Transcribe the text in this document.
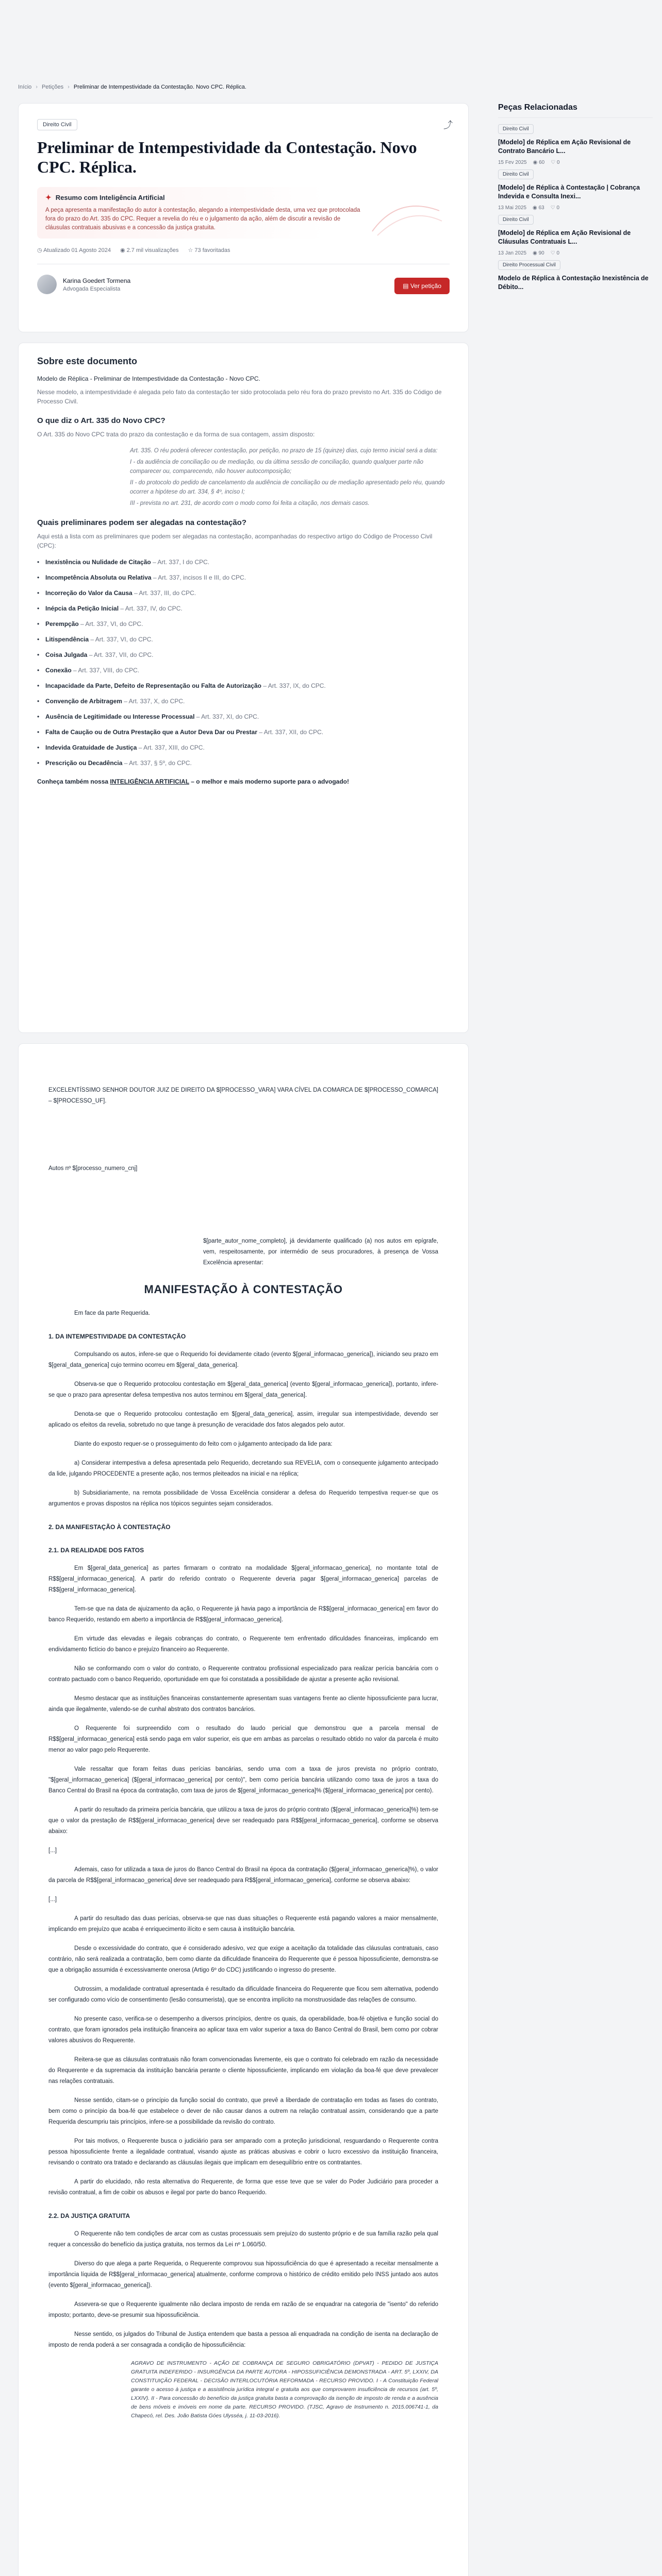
Início › Petições › Preliminar de Intempestividade da Contestação. Novo CPC. Réplica.
Direito Civil	⤴
Preliminar de Intempestividade da Contestação. Novo CPC. Réplica.
✦ Resumo com Inteligência Artificial

A peça apresenta a manifestação do autor à contestação, alegando a intempestividade desta, uma vez que protocolada fora do prazo do Art. 335 do CPC. Requer a revelia do réu e o julgamento da ação, além de discutir a revisão de cláusulas contratuais abusivas e a concessão da justiça gratuita.

◷ Atualizado 01 Agosto 2024 ◉ 2.7 mil visualizações ☆ 73 favoritadas
Karina Goedert Tormena
Advogada Especialista	▤ Ver petição
Peças Relacionadas
Direito Civil
[Modelo] de Réplica em Ação Revisional de Contrato Bancário L...
15 Fev 2025 ◉ 60 ♡ 0
Direito Civil
[Modelo] de Réplica à Contestação | Cobrança Indevida e Consulta Inexi...
13 Mai 2025 ◉ 63 ♡ 0
Direito Civil
[Modelo] de Réplica em Ação Revisional de Cláusulas Contratuais L...
13 Jan 2025 ◉ 90 ♡ 0
Direito Processual Civil
Modelo de Réplica à Contestação Inexistência de Débito...
Sobre este documento

Modelo de Réplica - Preliminar de Intempestividade da Contestação - Novo CPC.

Nesse modelo, a intempestividade é alegada pelo fato da contestação ter sido protocolada pelo réu fora do prazo previsto no Art. 335 do Código de Processo Civil.

O que diz o Art. 335 do Novo CPC?

O Art. 335 do Novo CPC trata do prazo da contestação e da forma de sua contagem, assim disposto:

Art. 335. O réu poderá oferecer contestação, por petição, no prazo de 15 (quinze) dias, cujo termo inicial será a data:

I - da audiência de conciliação ou de mediação, ou da última sessão de conciliação, quando qualquer parte não comparecer ou, comparecendo, não houver autocomposição;

II - do protocolo do pedido de cancelamento da audiência de conciliação ou de mediação apresentado pelo réu, quando ocorrer a hipótese do art. 334, § 4º, inciso I;

III - prevista no art. 231, de acordo com o modo como foi feita a citação, nos demais casos.

Quais preliminares podem ser alegadas na contestação?

Aqui está a lista com as preliminares que podem ser alegadas na contestação, acompanhadas do respectivo artigo do Código de Processo Civil (CPC):

• Inexistência ou Nulidade de Citação – Art. 337, I do CPC.
• Incompetência Absoluta ou Relativa – Art. 337, incisos II e III, do CPC.
• Incorreção do Valor da Causa – Art. 337, III, do CPC.
• Inépcia da Petição Inicial – Art. 337, IV, do CPC.
• Perempção – Art. 337, VI, do CPC.
• Litispendência – Art. 337, VI, do CPC.
• Coisa Julgada – Art. 337, VII, do CPC.
• Conexão – Art. 337, VIII, do CPC.
• Incapacidade da Parte, Defeito de Representação ou Falta de Autorização – Art. 337, IX, do CPC.
• Convenção de Arbitragem – Art. 337, X, do CPC.
• Ausência de Legitimidade ou Interesse Processual – Art. 337, XI, do CPC.
• Falta de Caução ou de Outra Prestação que a Autor Deva Dar ou Prestar – Art. 337, XII, do CPC.
• Indevida Gratuidade de Justiça – Art. 337, XIII, do CPC.
• Prescrição ou Decadência – Art. 337, § 5º, do CPC.

Conheça também nossa INTELIGÊNCIA ARTIFICIAL – o melhor e mais moderno suporte para o advogado!

EXCELENTÍSSIMO SENHOR DOUTOR JUIZ DE DIREITO DA $[PROCESSO_VARA] VARA CÍVEL DA COMARCA DE $[PROCESSO_COMARCA] – $[PROCESSO_UF].

Autos nº $[processo_numero_cnj]

$[parte_autor_nome_completo], já devidamente qualificado (a) nos autos em epígrafe, vem, respeitosamente, por intermédio de seus procuradores, à presença de Vossa Excelência apresentar:

MANIFESTAÇÃO À CONTESTAÇÃO

Em face da parte Requerida.

1. DA INTEMPESTIVIDADE DA CONTESTAÇÃO

Compulsando os autos, infere-se que o Requerido foi devidamente citado (evento $[geral_informacao_generica]), iniciando seu prazo em $[geral_data_generica] cujo termino ocorreu em $[geral_data_generica].

Observa-se que o Requerido protocolou contestação em $[geral_data_generica] (evento $[geral_informacao_generica]), portanto, infere-se que o prazo para apresentar defesa tempestiva nos autos terminou em $[geral_data_generica].

Denota-se que o Requerido protocolou contestação em $[geral_data_generica], assim, irregular sua intempestividade, devendo ser aplicado os efeitos da revelia, sobretudo no que tange à presunção de veracidade dos fatos alegados pelo autor.

Diante do exposto requer-se o prosseguimento do feito com o julgamento antecipado da lide para:

a) Considerar intempestiva a defesa apresentada pelo Requerido, decretando sua REVELIA, com o consequente julgamento antecipado da lide, julgando PROCEDENTE a presente ação, nos termos pleiteados na inicial e na réplica;

b) Subsidiariamente, na remota possibilidade de Vossa Excelência considerar a defesa do Requerido tempestiva requer-se que os argumentos e provas dispostos na réplica nos tópicos seguintes sejam considerados.

2. DA MANIFESTAÇÃO À CONTESTAÇÃO
2.1. DA REALIDADE DOS FATOS

Em $[geral_data_generica] as partes firmaram o contrato na modalidade $[geral_informacao_generica], no montante total de R$$[geral_informacao_generica]. A partir do referido contrato o Requerente deveria pagar $[geral_informacao_generica] parcelas de R$$[geral_informacao_generica].

Tem-se que na data de ajuizamento da ação, o Requerente já havia pago a importância de R$$[geral_informacao_generica] em favor do banco Requerido, restando em aberto a importância de R$$[geral_informacao_generica].

Em virtude das elevadas e ilegais cobranças do contrato, o Requerente tem enfrentado dificuldades financeiras, implicando em endividamento fictício do banco e prejuízo financeiro ao Requerente.

Não se conformando com o valor do contrato, o Requerente contratou profissional especializado para realizar perícia bancária com o contrato pactuado com o banco Requerido, oportunidade em que foi constatada a possibilidade de ajustar a presente ação revisional.

Mesmo destacar que as instituições financeiras constantemente apresentam suas vantagens frente ao cliente hipossuficiente para lucrar, ainda que ilegalmente, valendo-se de cunhal abstrato dos contratos bancários.

O Requerente foi surpreendido com o resultado do laudo pericial que demonstrou que a parcela mensal de R$$[geral_informacao_generica] está sendo paga em valor superior, eis que em ambas as parcelas o resultado obtido no valor da parcela é muito menor ao valor pago pelo Requerente.

Vale ressaltar que foram feitas duas perícias bancárias, sendo uma com a taxa de juros prevista no próprio contrato, "$[geral_informacao_generica] ($[geral_informacao_generica] por cento)", bem como perícia bancária utilizando como taxa de juros a taxa do Banco Central do Brasil na época da contratação, com taxa de juros de $[geral_informacao_generica]% ($[geral_informacao_generica] por cento).

A partir do resultado da primeira perícia bancária, que utilizou a taxa de juros do próprio contrato ($[geral_informacao_generica]%) tem-se que o valor da prestação de R$$[geral_informacao_generica] deve ser readequado para R$$[geral_informacao_generica], conforme se observa abaixo:

[...]

Ademais, caso for utilizada a taxa de juros do Banco Central do Brasil na época da contratação ($[geral_informacao_generica]%), o valor da parcela de R$$[geral_informacao_generica] deve ser readequado para R$$[geral_informacao_generica], conforme se observa abaixo:

[...]

A partir do resultado das duas perícias, observa-se que nas duas situações o Requerente está pagando valores a maior mensalmente, implicando em prejuízo que acaba é enriquecimento ilícito e sem causa à instituição bancária.

Desde o excessividade do contrato, que é considerado adesivo, vez que exige a aceitação da totalidade das cláusulas contratuais, caso contrário, não será realizada a contratação, bem como diante da dificuldade financeira do Requerente que é pessoa hipossuficiente, demonstra-se que a obrigação assumida é excessivamente onerosa (Artigo 6º do CDC) justificando o ingresso do presente.

Outrossim, a modalidade contratual apresentada é resultado da dificuldade financeira do Requerente que ficou sem alternativa, podendo ser configurado como vício de consentimento (lesão consumerista), que se encontra implícito na monstruosidade das relações de consumo.

No presente caso, verifica-se o desempenho a diversos princípios, dentre os quais, da operabilidade, boa-fé objetiva e função social do contrato, que foram ignorados pela instituição financeira ao aplicar taxa em valor superior a taxa do Banco Central do Brasil, bem como por cobrar valores abusivos do Requerente.

Reitera-se que as cláusulas contratuais não foram convencionadas livremente, eis que o contrato foi celebrado em razão da necessidade do Requerente e da supremacia da instituição bancária perante o cliente hipossuficiente, implicando em violação da boa-fé que deve prevalecer nas relações contratuais.

Nesse sentido, citam-se o princípio da função social do contrato, que prevê a liberdade de contratação em todas as fases do contrato, bem como o princípio da boa-fé que estabelece o dever de não causar danos a outrem na relação contratual assim, considerando que a parte Requerida descumpriu tais princípios, infere-se a possibilidade da revisão do contrato.

Por tais motivos, o Requerente busca o judiciário para ser amparado com a proteção jurisdicional, resguardando o Requerente contra pessoa hipossuficiente frente a ilegalidade contratual, visando ajuste as práticas abusivas e cobrir o lucro excessivo da instituição financeira, revisando o contrato ora tratado e declarando as cláusulas ilegais que implicam em desequilíbrio entre os contratantes.

A partir do elucidado, não resta alternativa do Requerente, de forma que esse teve que se valer do Poder Judiciário para proceder a revisão contratual, a fim de coibir os abusos e ilegal por parte do banco Requerido.

2.2. DA JUSTIÇA GRATUITA

O Requerente não tem condições de arcar com as custas processuais sem prejuízo do sustento próprio e de sua família razão pela qual requer a concessão do benefício da justiça gratuita, nos termos da Lei nº 1.060/50.

Diverso do que alega a parte Requerida, o Requerente comprovou sua hipossuficiência do que é apresentado a receitar mensalmente a importância líquida de R$$[geral_informacao_generica] atualmente, conforme comprova o histórico de crédito emitido pelo INSS juntado aos autos (evento $[geral_informacao_generica]).

Assevera-se que o Requerente igualmente não declara imposto de renda em razão de se enquadrar na categoria de "isento" do referido imposto; portanto, deve-se presumir sua hipossuficiência.

Nesse sentido, os julgados do Tribunal de Justiça entendem que basta a pessoa ali enquadrada na condição de isenta na declaração de imposto de renda poderá a ser consagrada a condição de hipossuficiência:

AGRAVO DE INSTRUMENTO - AÇÃO DE COBRANÇA DE SEGURO OBRIGATÓRIO (DPVAT) - PEDIDO DE JUSTIÇA GRATUITA INDEFERIDO - INSURGÊNCIA DA PARTE AUTORA - HIPOSSUFICIÊNCIA DEMONSTRADA - ART. 5º, LXXIV, DA CONSTITUIÇÃO FEDERAL - DECISÃO INTERLOCUTÓRIA REFORMADA - RECURSO PROVIDO. I - A Constituição Federal garante o acesso à justiça e a assistência jurídica integral e gratuita aos que comprovarem insuficiência de recursos (art. 5º, LXXIV). II - Para concessão do benefício da justiça gratuita basta a comprovação da isenção de imposto de renda e a ausência de bens móveis e imóveis em nome da parte. RECURSO PROVIDO. (TJSC, Agravo de Instrumento n. 2015.006741-1, da Chapecó, rel. Des. João Batista Góes Ulysséa, j. 11-03-2016).
